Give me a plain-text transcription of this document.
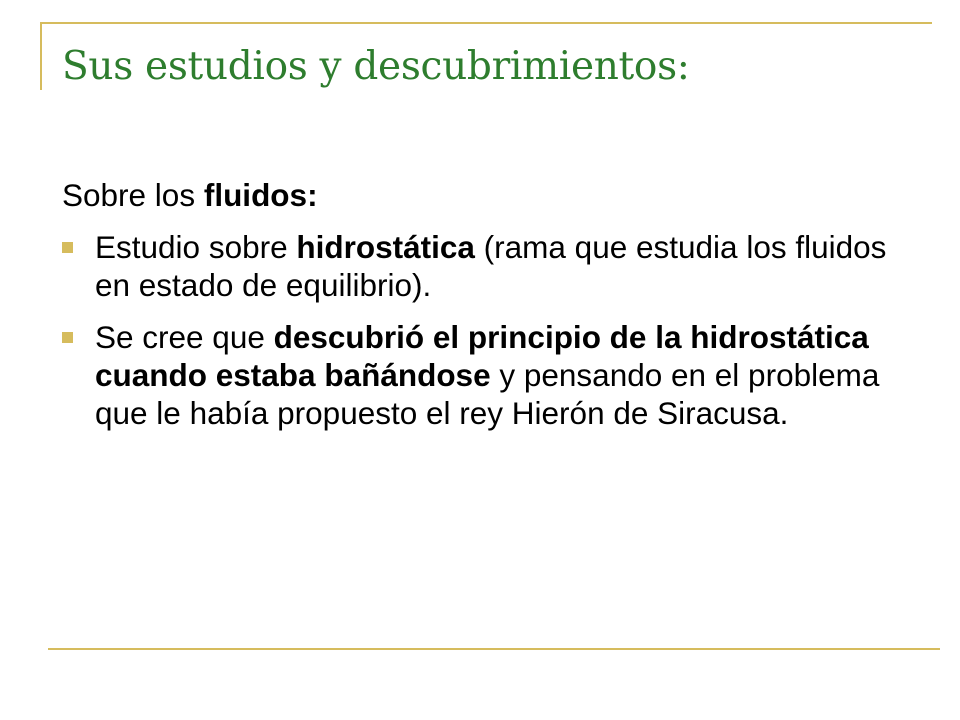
Sus estudios y descubrimientos:

Sobre los fluidos:

Estudio sobre hidrostática (rama que estudia los fluidos en estado de equilibrio).
Se cree que descubrió el principio de la hidrostática cuando estaba bañándose y pensando en el problema que le había propuesto el rey Hierón de Siracusa.
